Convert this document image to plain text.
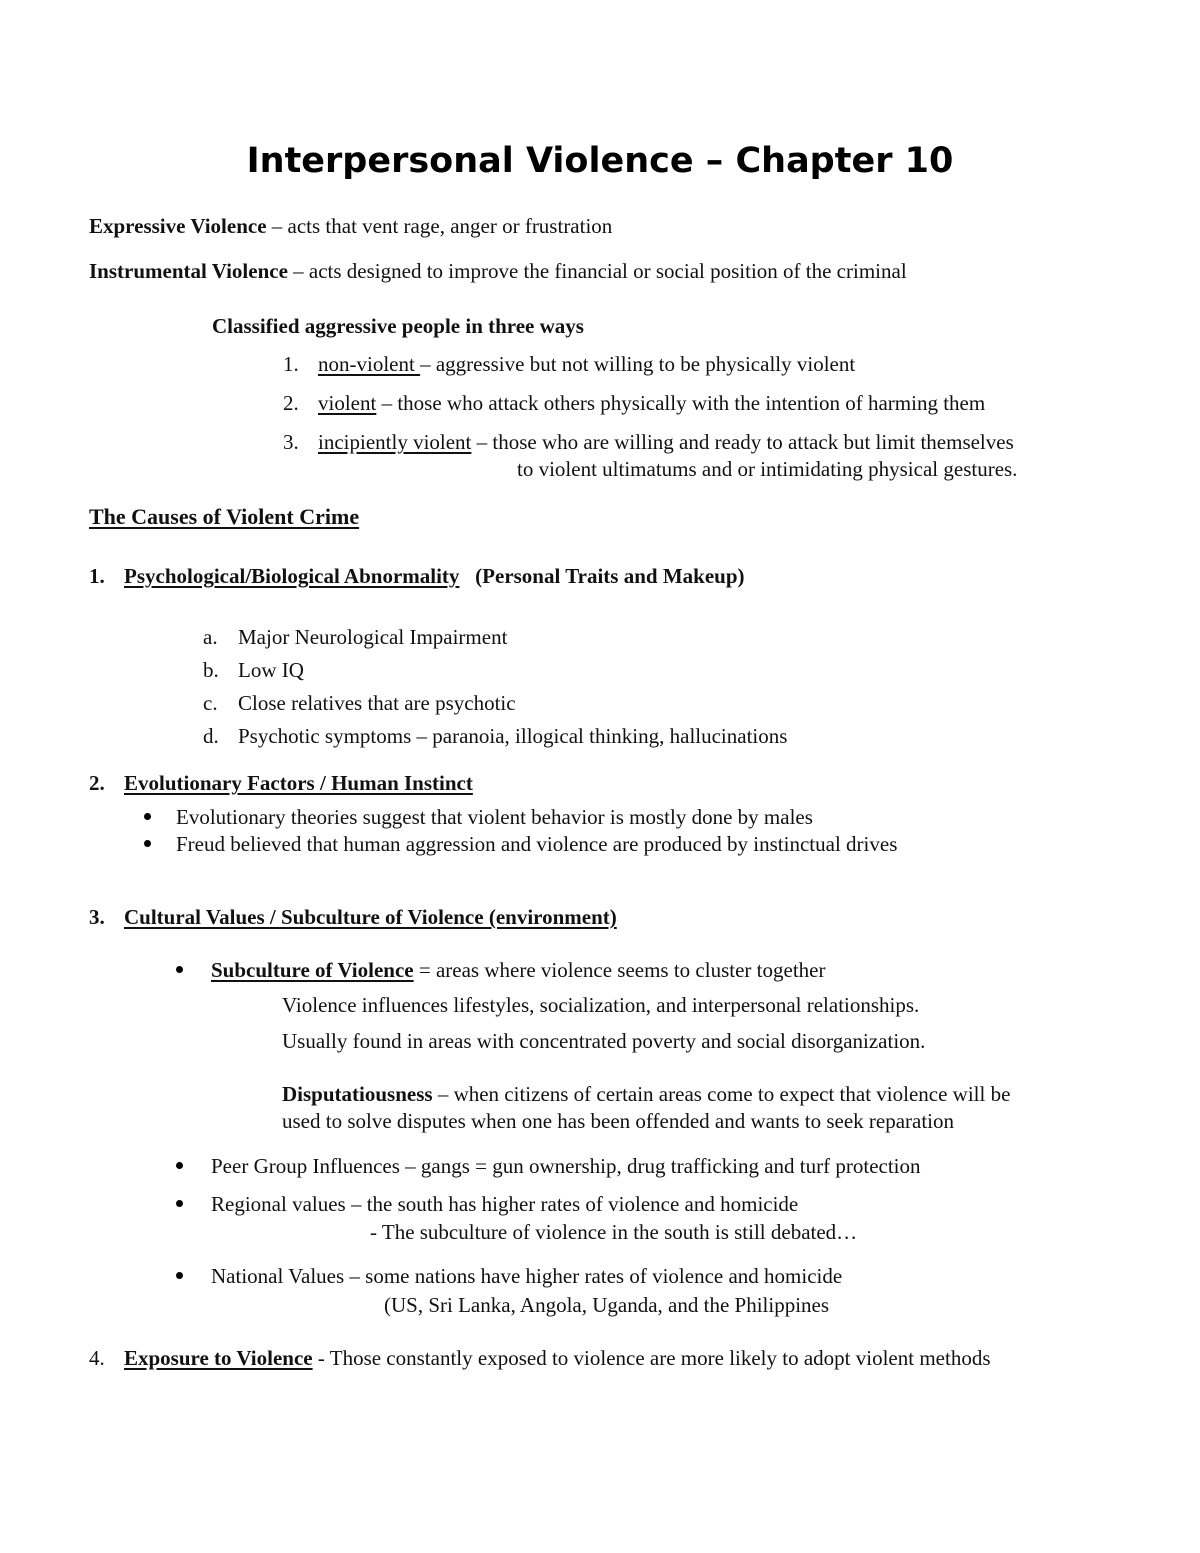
Interpersonal Violence – Chapter 10
Expressive Violence – acts that vent rage, anger or frustration
Instrumental Violence – acts designed to improve the financial or social position of the criminal
Classified aggressive people in three ways
1. non-violent – aggressive but not willing to be physically violent
2. violent – those who attack others physically with the intention of harming them
3. incipiently violent – those who are willing and ready to attack but limit themselves
to violent ultimatums and or intimidating physical gestures.
The Causes of Violent Crime
1. Psychological/Biological Abnormality (Personal Traits and Makeup)
a. Major Neurological Impairment
b. Low IQ
c. Close relatives that are psychotic
d. Psychotic symptoms – paranoia, illogical thinking, hallucinations
2. Evolutionary Factors / Human Instinct
Evolutionary theories suggest that violent behavior is mostly done by males
Freud believed that human aggression and violence are produced by instinctual drives
3. Cultural Values / Subculture of Violence (environment)
Subculture of Violence = areas where violence seems to cluster together
Violence influences lifestyles, socialization, and interpersonal relationships.
Usually found in areas with concentrated poverty and social disorganization.
Disputatiousness – when citizens of certain areas come to expect that violence will be
used to solve disputes when one has been offended and wants to seek reparation
Peer Group Influences – gangs = gun ownership, drug trafficking and turf protection
Regional values – the south has higher rates of violence and homicide
- The subculture of violence in the south is still debated…
National Values – some nations have higher rates of violence and homicide
(US, Sri Lanka, Angola, Uganda, and the Philippines
4. Exposure to Violence - Those constantly exposed to violence are more likely to adopt violent methods
